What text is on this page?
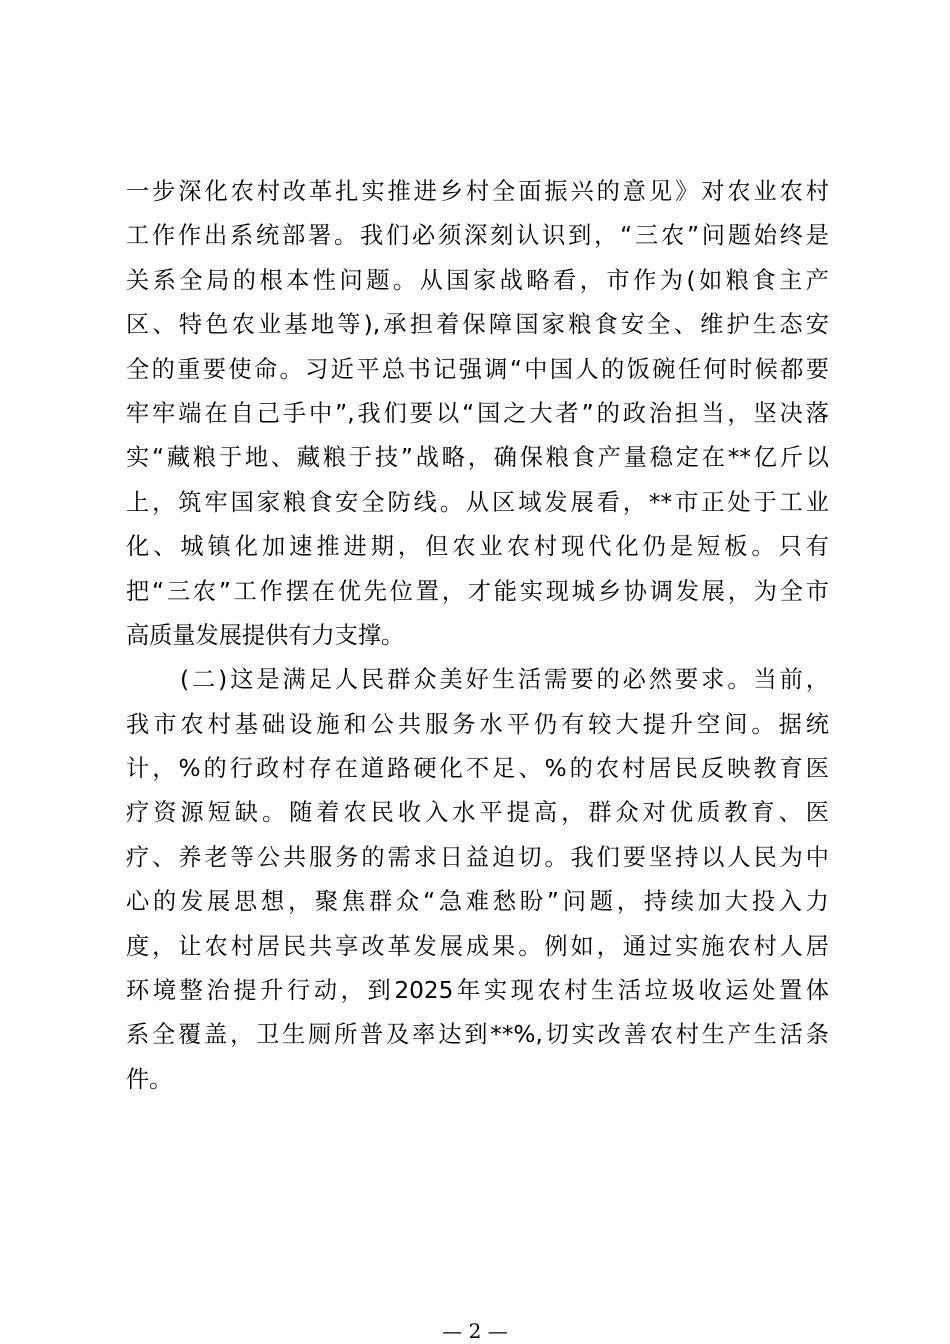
一步深化农村改革扎实推进乡村全面振兴的意见》对农业农村
工作作出系统部署。我们必须深刻认识到，“三农”问题始终是
关系全局的根本性问题。从国家战略看，市作为(如粮食主产
区、特色农业基地等),承担着保障国家粮食安全、维护生态安
全的重要使命。习近平总书记强调“中国人的饭碗任何时候都要
牢牢端在自己手中”,我们要以“国之大者”的政治担当，坚决落
实“藏粮于地、藏粮于技”战略，确保粮食产量稳定在**亿斤以
上，筑牢国家粮食安全防线。从区域发展看，**市正处于工业
化、城镇化加速推进期，但农业农村现代化仍是短板。只有
把“三农”工作摆在优先位置，才能实现城乡协调发展，为全市
高质量发展提供有力支撑。
(二)这是满足人民群众美好生活需要的必然要求。当前，
我市农村基础设施和公共服务水平仍有较大提升空间。据统
计，%的行政村存在道路硬化不足、%的农村居民反映教育医
疗资源短缺。随着农民收入水平提高，群众对优质教育、医
疗、养老等公共服务的需求日益迫切。我们要坚持以人民为中
心的发展思想，聚焦群众“急难愁盼”问题，持续加大投入力
度，让农村居民共享改革发展成果。例如，通过实施农村人居
环境整治提升行动，到2025年实现农村生活垃圾收运处置体
系全覆盖，卫生厕所普及率达到**%,切实改善农村生产生活条
件。
— 2 —
